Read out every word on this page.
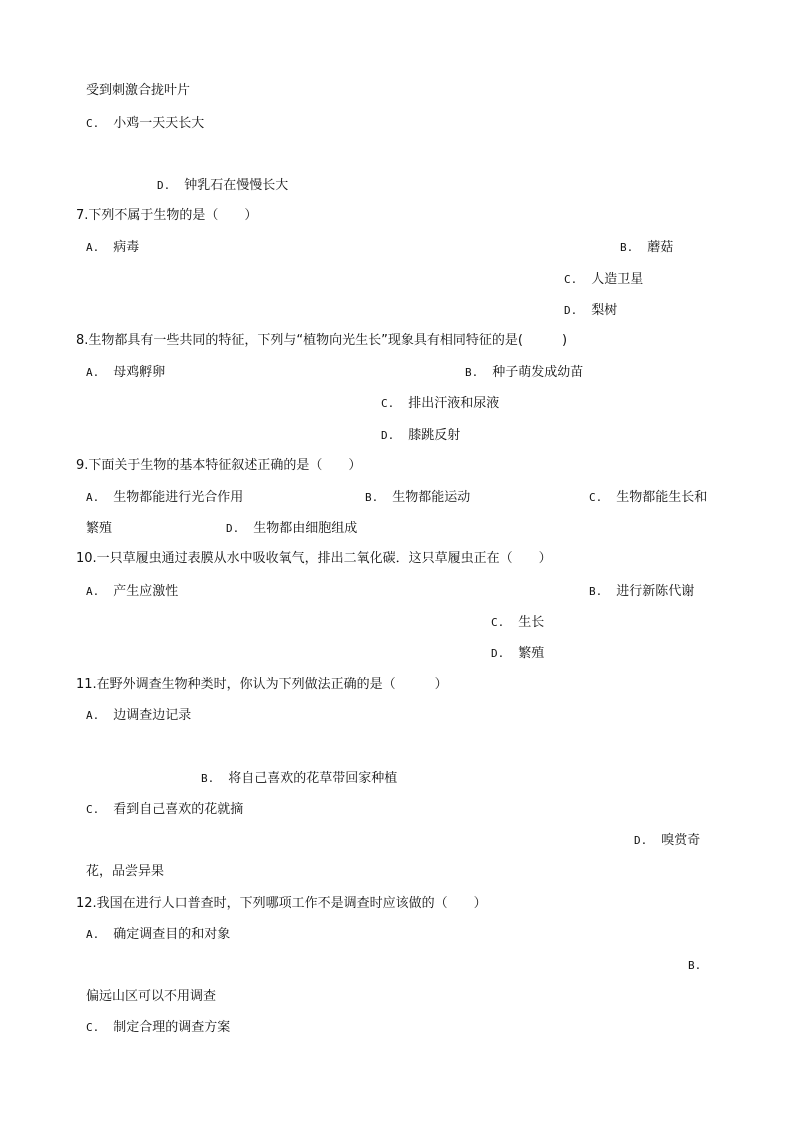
受到刺激合拢叶片
C. 小鸡一天天长大
D. 钟乳石在慢慢长大
7.下列不属于生物的是（　　）
A. 病毒	B. 蘑菇
C. 人造卫星
D. 梨树
8.生物都具有一些共同的特征，下列与“植物向光生长”现象具有相同特征的是(　　　)
A. 母鸡孵卵	B. 种子萌发成幼苗
C. 排出汗液和尿液
D. 膝跳反射
9.下面关于生物的基本特征叙述正确的是（　　）
A. 生物都能进行光合作用	B. 生物都能运动	C. 生物都能生长和
繁殖	D. 生物都由细胞组成
10.一只草履虫通过表膜从水中吸收氧气，排出二氧化碳．这只草履虫正在（　　）
A. 产生应激性	B. 进行新陈代谢
C. 生长
D. 繁殖
11.在野外调查生物种类时，你认为下列做法正确的是（　　　）
A. 边调查边记录
B. 将自己喜欢的花草带回家种植
C. 看到自己喜欢的花就摘
D. 嗅赏奇
花，品尝异果
12.我国在进行人口普查时，下列哪项工作不是调查时应该做的（　　）
A. 确定调查目的和对象
B.
偏远山区可以不用调查
C. 制定合理的调查方案
